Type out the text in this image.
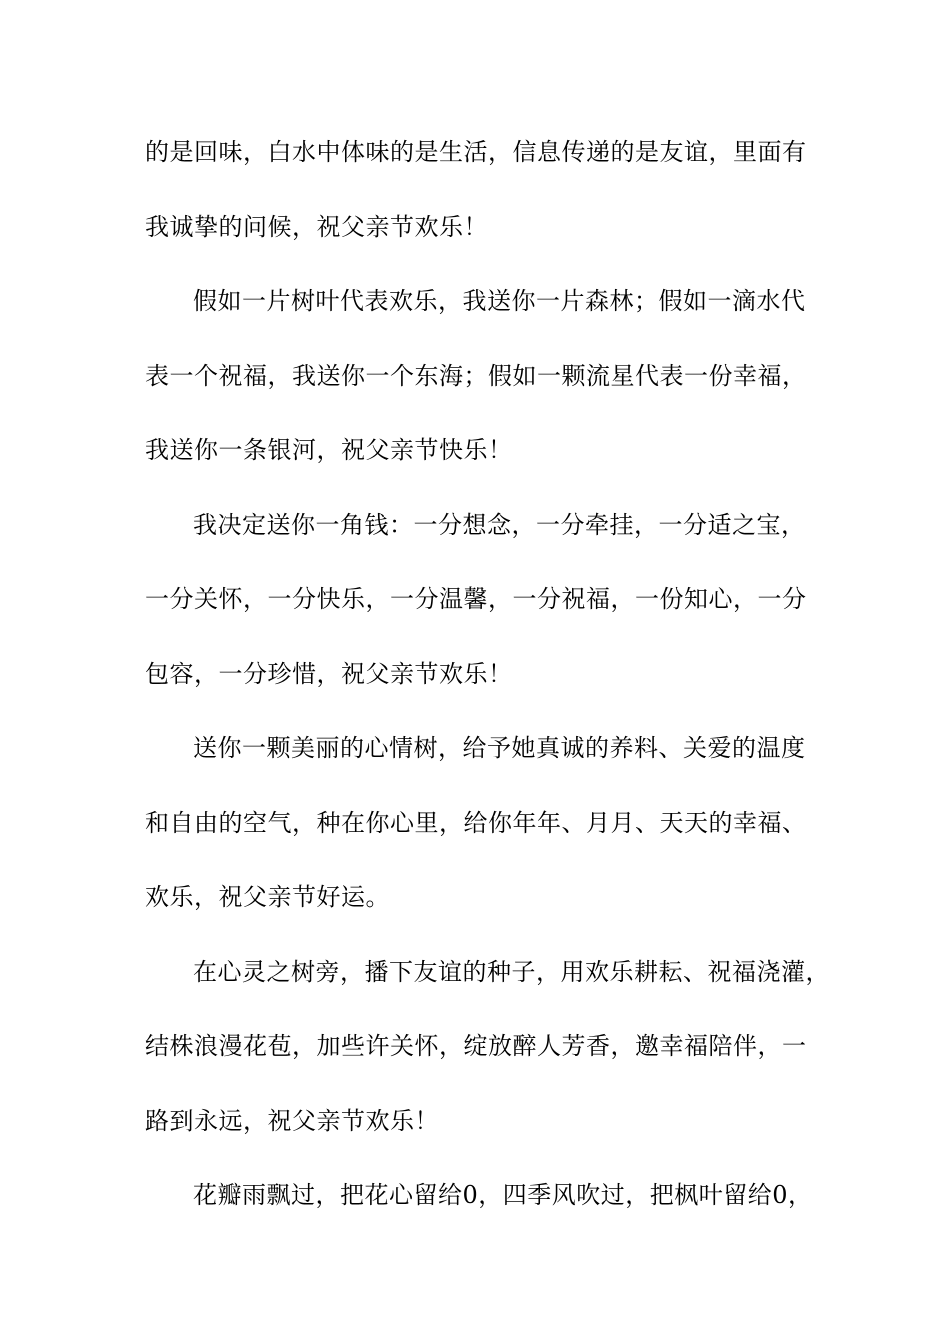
的是回味，白水中体味的是生活，信息传递的是友谊，里面有
我诚挚的问候，祝父亲节欢乐！
假如一片树叶代表欢乐，我送你一片森林；假如一滴水代
表一个祝福，我送你一个东海；假如一颗流星代表一份幸福，
我送你一条银河，祝父亲节快乐！
我决定送你一角钱：一分想念，一分牵挂，一分适之宝，
一分关怀，一分快乐，一分温馨，一分祝福，一份知心，一分
包容，一分珍惜，祝父亲节欢乐！
送你一颗美丽的心情树，给予她真诚的养料、关爱的温度
和自由的空气，种在你心里，给你年年、月月、天天的幸福、
欢乐，祝父亲节好运。
在心灵之树旁，播下友谊的种子，用欢乐耕耘、祝福浇灌，
结株浪漫花苞，加些许关怀，绽放醉人芳香，邀幸福陪伴，一
路到永远，祝父亲节欢乐！
花瓣雨飘过，把花心留给0，四季风吹过，把枫叶留给0，
